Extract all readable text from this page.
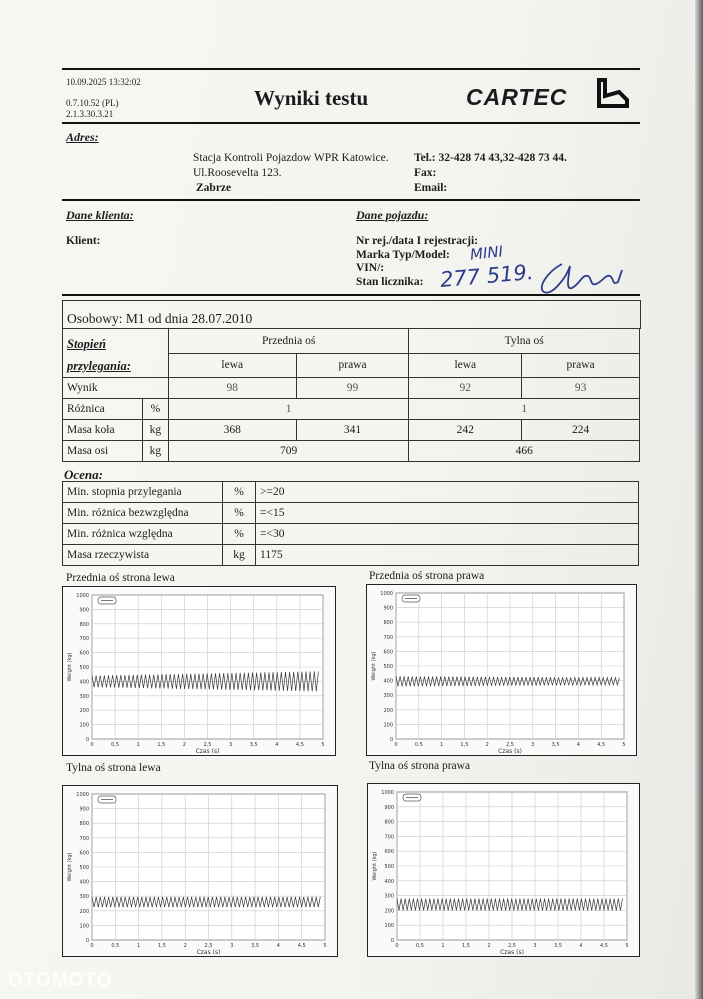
10.09.2025 13:32:02
0.7.10.52 (PL)
2.1.3.30.3.21
Wyniki testu	CARTEC
Adres:
Stacja Kontroli Pojazdow WPR Katowice.
Ul.Roosevelta 123.
Zabrze
Tel.: 32-428 74 43,32-428 73 44.
Fax:
Email:
Dane klienta:
Klient:
Dane pojazdu:
Nr rej./data I rejestracji:
Marka Typ/Model: MINI
VIN/:
Stan licznika: 277 519.
Osobowy: M1 od dnia 28.07.2010
Stopień
przylegania:		Przednia oś		Tylna oś	
		lewa	prawa	lewa	prawa
Wynik		98	99	92	93
Różnica	%	1		1	
Masa koła	kg	368	341	242	224
Masa osi	kg	709		466	
Ocena:
Min. stopnia przylegania	%	>=20
Min. różnica bezwzględna	%	=<15
Min. różnica względna	%	=<30
Masa rzeczywista	kg	1175
Przednia oś strona lewa
0
100
200
300
400
500
600
700
800
900
1000
0	0,5	1	1,5	2	2,5	3	3,5	4	4,5	5
Czas (s)
Weight (kg)
Przednia oś strona prawa
0
100
200
300
400
500
600
700
800
900
1000
0	0,5	1	1,5	2	2,5	3	3,5	4	4,5	5
Czas (s)
Weight (kg)
Tylna oś strona lewa
0
100
200
300
400
500
600
700
800
900
1000
0	0,5	1	1,5	2	2,5	3	3,5	4	4,5	5
Czas (s)
Weight (kg)
Tylna oś strona prawa
0
100
200
300
400
500
600
700
800
900
1000
0	0,5	1	1,5	2	2,5	3	3,5	4	4,5	5
Czas (s)
Weight (kg)
OTOMOTO
